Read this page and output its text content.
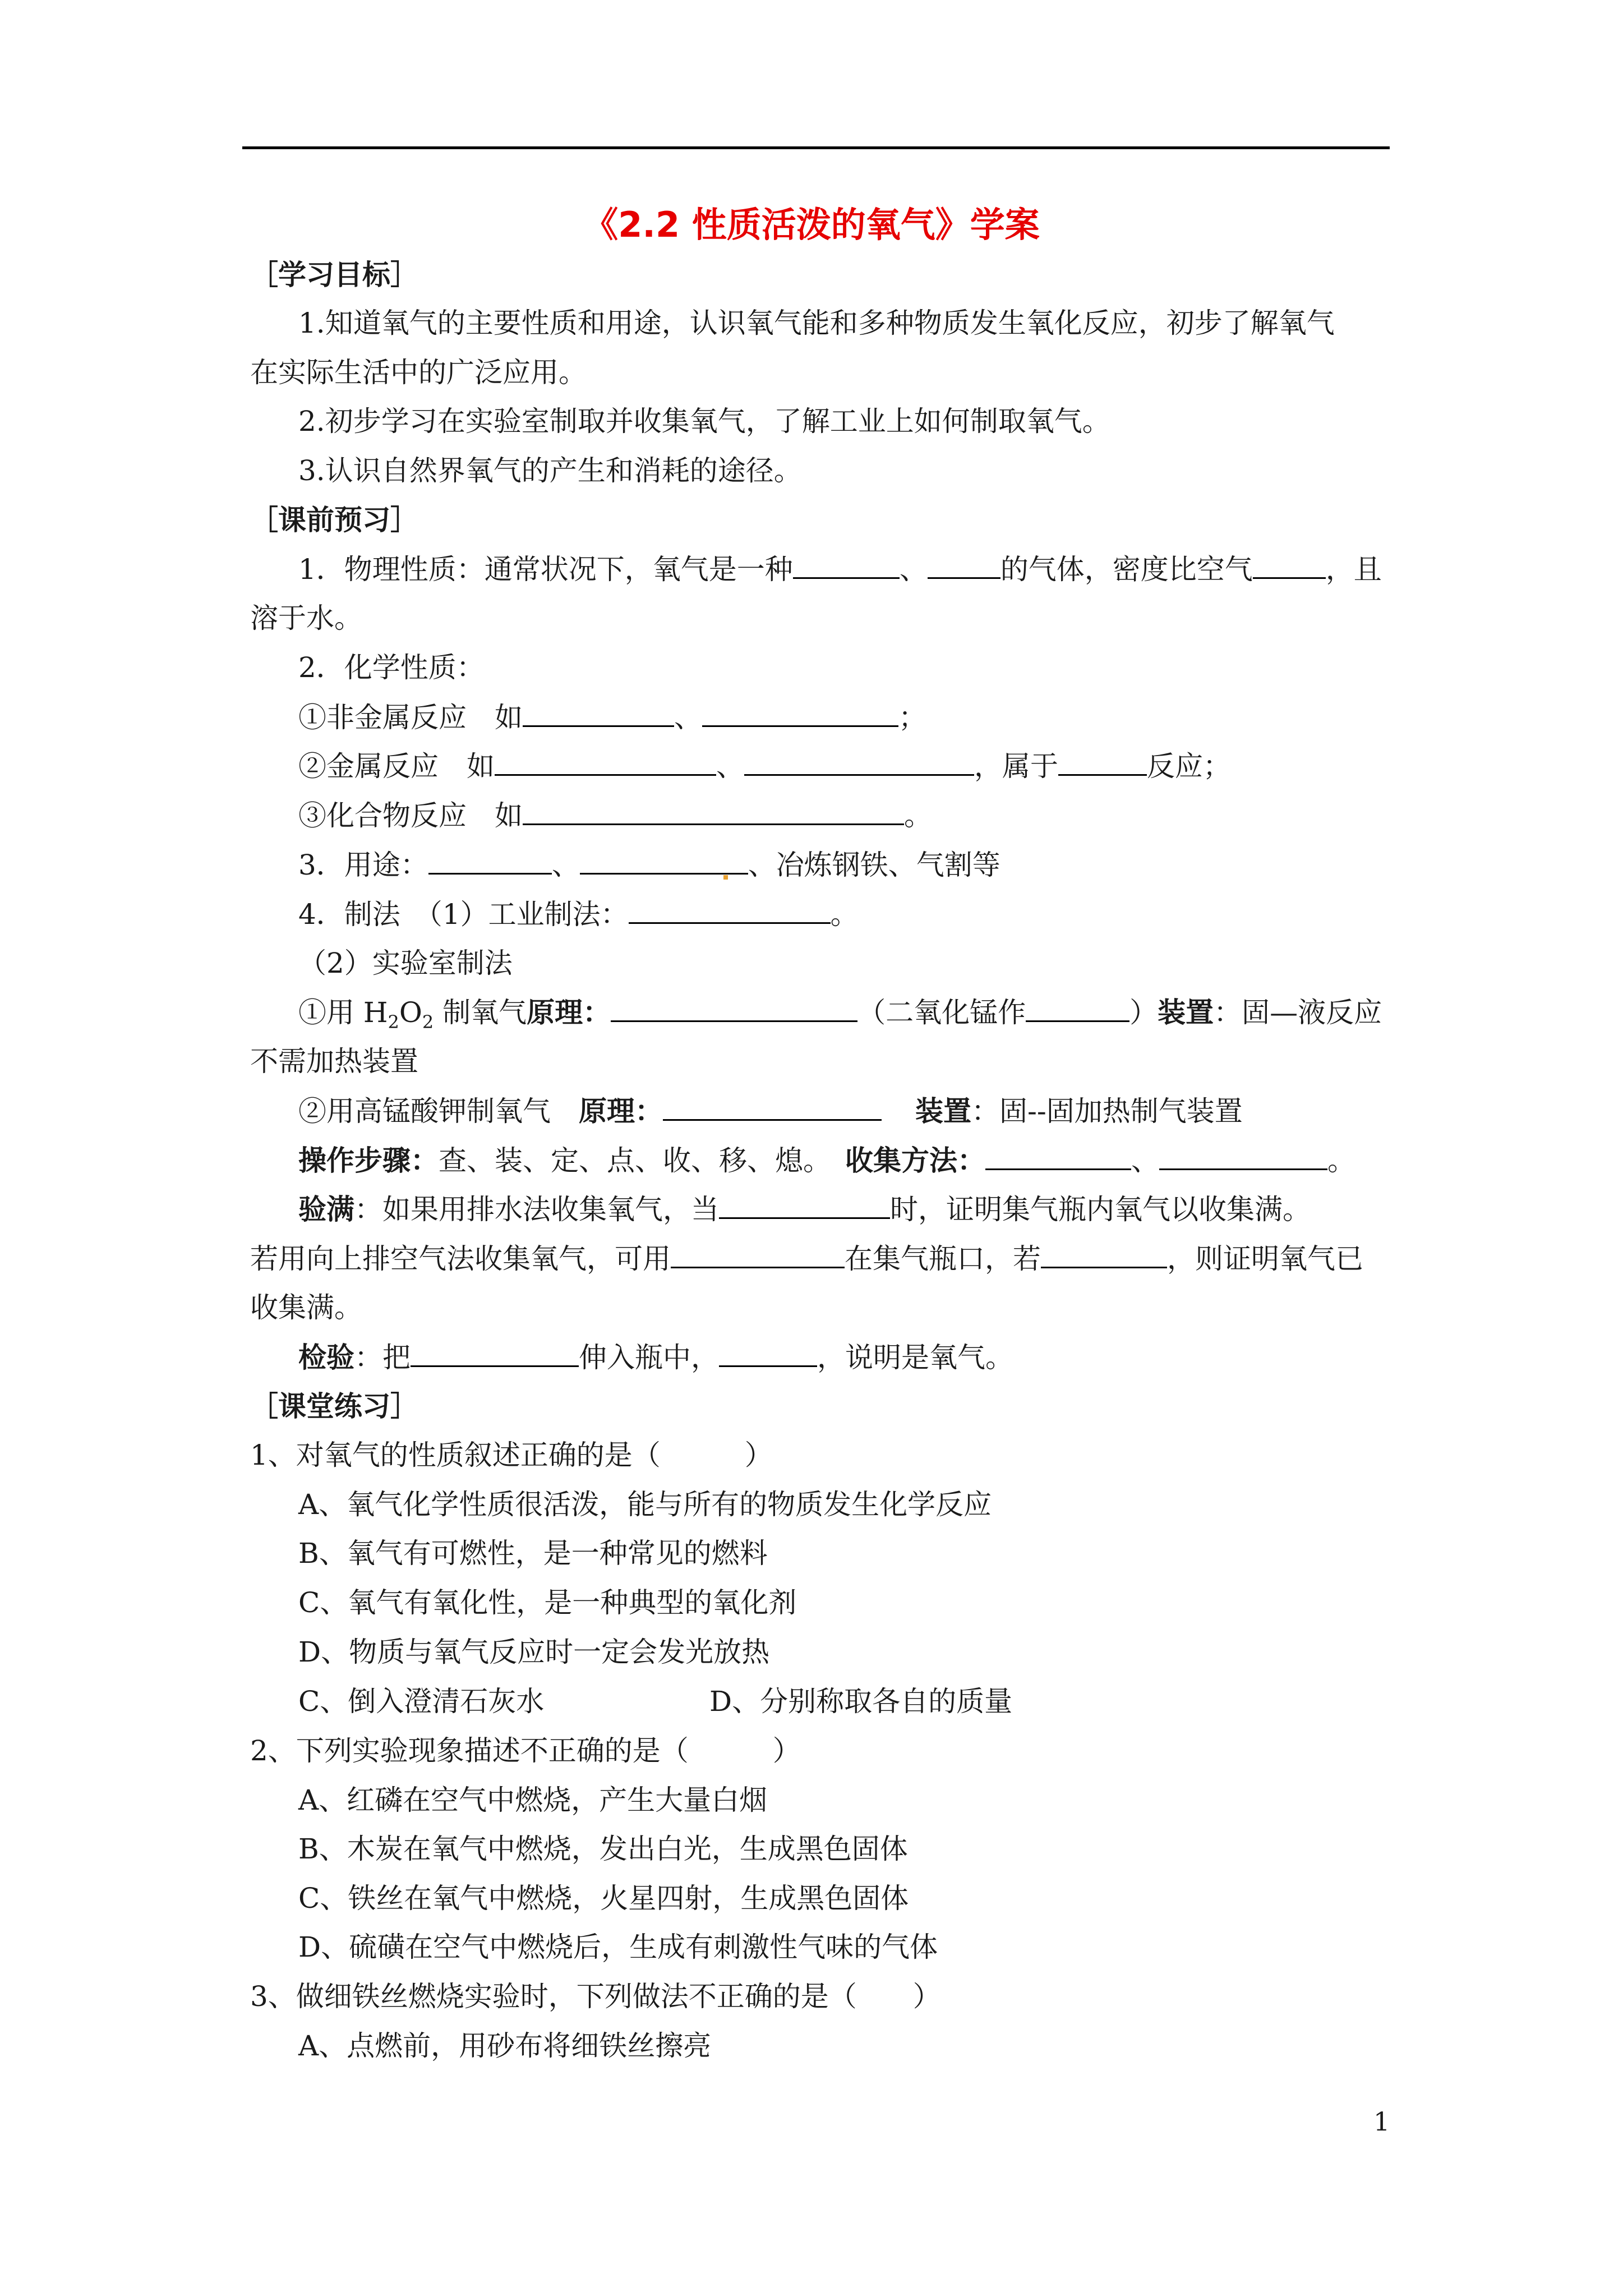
《2.2 性质活泼的氧气》学案
［学习目标］
1.知道氧气的主要性质和用途，认识氧气能和多种物质发生氧化反应，初步了解氧气
在实际生活中的广泛应用。
2.初步学习在实验室制取并收集氧气，了解工业上如何制取氧气。
3.认识自然界氧气的产生和消耗的途径。
［课前预习］
1．物理性质：通常状况下，氧气是一种	、	的气体，密度比空气	，且
溶于水。
2．化学性质：
①非金属反应　如	、	；
②金属反应　如	、	，属于	反应；
③化合物反应　如	。
3．用途：	、	、冶炼钢铁、气割等
4．制法　（1）工业制法：	。
（2）实验室制法
①用 $H_2O_2$ 制氧气原理：	（二氧化锰作	）装置：固—液反应
不需加热装置
②用高锰酸钾制氧气　原理：	装置：固--固加热制气装置
操作步骤：查、装、定、点、收、移、熄。　收集方法：	、	。
验满：如果用排水法收集氧气，当	时，证明集气瓶内氧气以收集满。
若用向上排空气法收集氧气，可用	在集气瓶口，若	，则证明氧气已
收集满。
检验：把	伸入瓶中，	，说明是氧气。
［课堂练习］
1、对氧气的性质叙述正确的是（　　　）
A、氧气化学性质很活泼，能与所有的物质发生化学反应
B、氧气有可燃性，是一种常见的燃料
C、氧气有氧化性，是一种典型的氧化剂
D、物质与氧气反应时一定会发光放热
C、倒入澄清石灰水	D、分别称取各自的质量
2、下列实验现象描述不正确的是（　　　）
A、红磷在空气中燃烧，产生大量白烟
B、木炭在氧气中燃烧，发出白光，生成黑色固体
C、铁丝在氧气中燃烧，火星四射，生成黑色固体
D、硫磺在空气中燃烧后，生成有刺激性气味的气体
3、做细铁丝燃烧实验时，下列做法不正确的是（　　）
A、点燃前，用砂布将细铁丝擦亮
1
